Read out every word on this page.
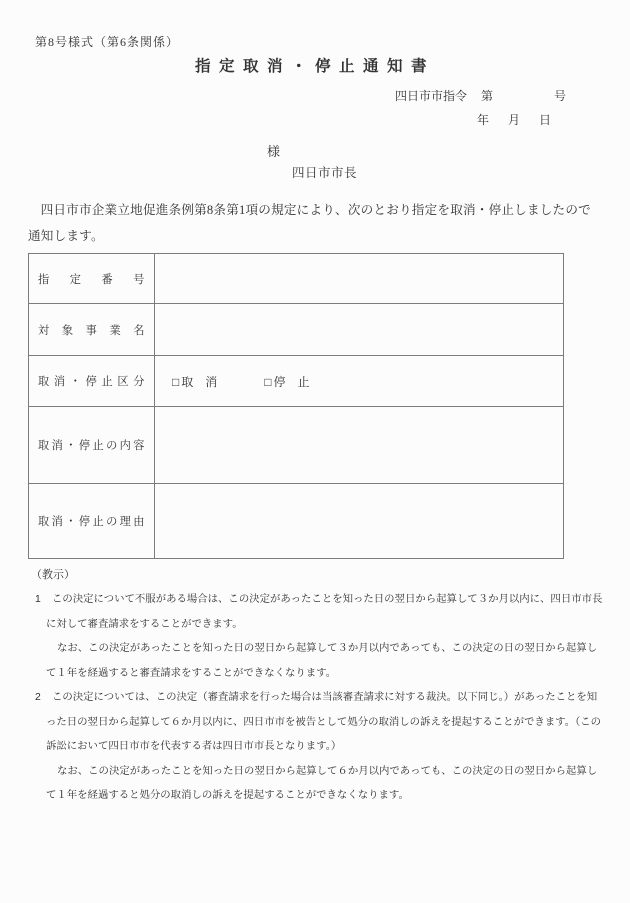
第8号様式（第6条関係）
指定取消・停止通知書
四日市市指令 第	号
年 月 日
様
四日市市長

四日市市企業立地促進条例第8条第1項の規定により、次のとおり指定を取消・停止しましたので通知します。

指定番号	
対象事業名	
取消・停止区分	□ 取　消 □ 停　止
取消・停止の内容	
取消・停止の理由	
（教示）
1	この決定について不服がある場合は、この決定があったことを知った日の翌日から起算して３か月以内に、四日市市長に対して審査請求をすることができます。

なお、この決定があったことを知った日の翌日から起算して３か月以内であっても、この決定の日の翌日から起算して１年を経過すると審査請求をすることができなくなります。

2	この決定については、この決定（審査請求を行った場合は当該審査請求に対する裁決。以下同じ。）があったことを知った日の翌日から起算して６か月以内に、四日市市を被告として処分の取消しの訴えを提起することができます。（この訴訟において四日市市を代表する者は四日市市長となります。）

なお、この決定があったことを知った日の翌日から起算して６か月以内であっても、この決定の日の翌日から起算して１年を経過すると処分の取消しの訴えを提起することができなくなります。
